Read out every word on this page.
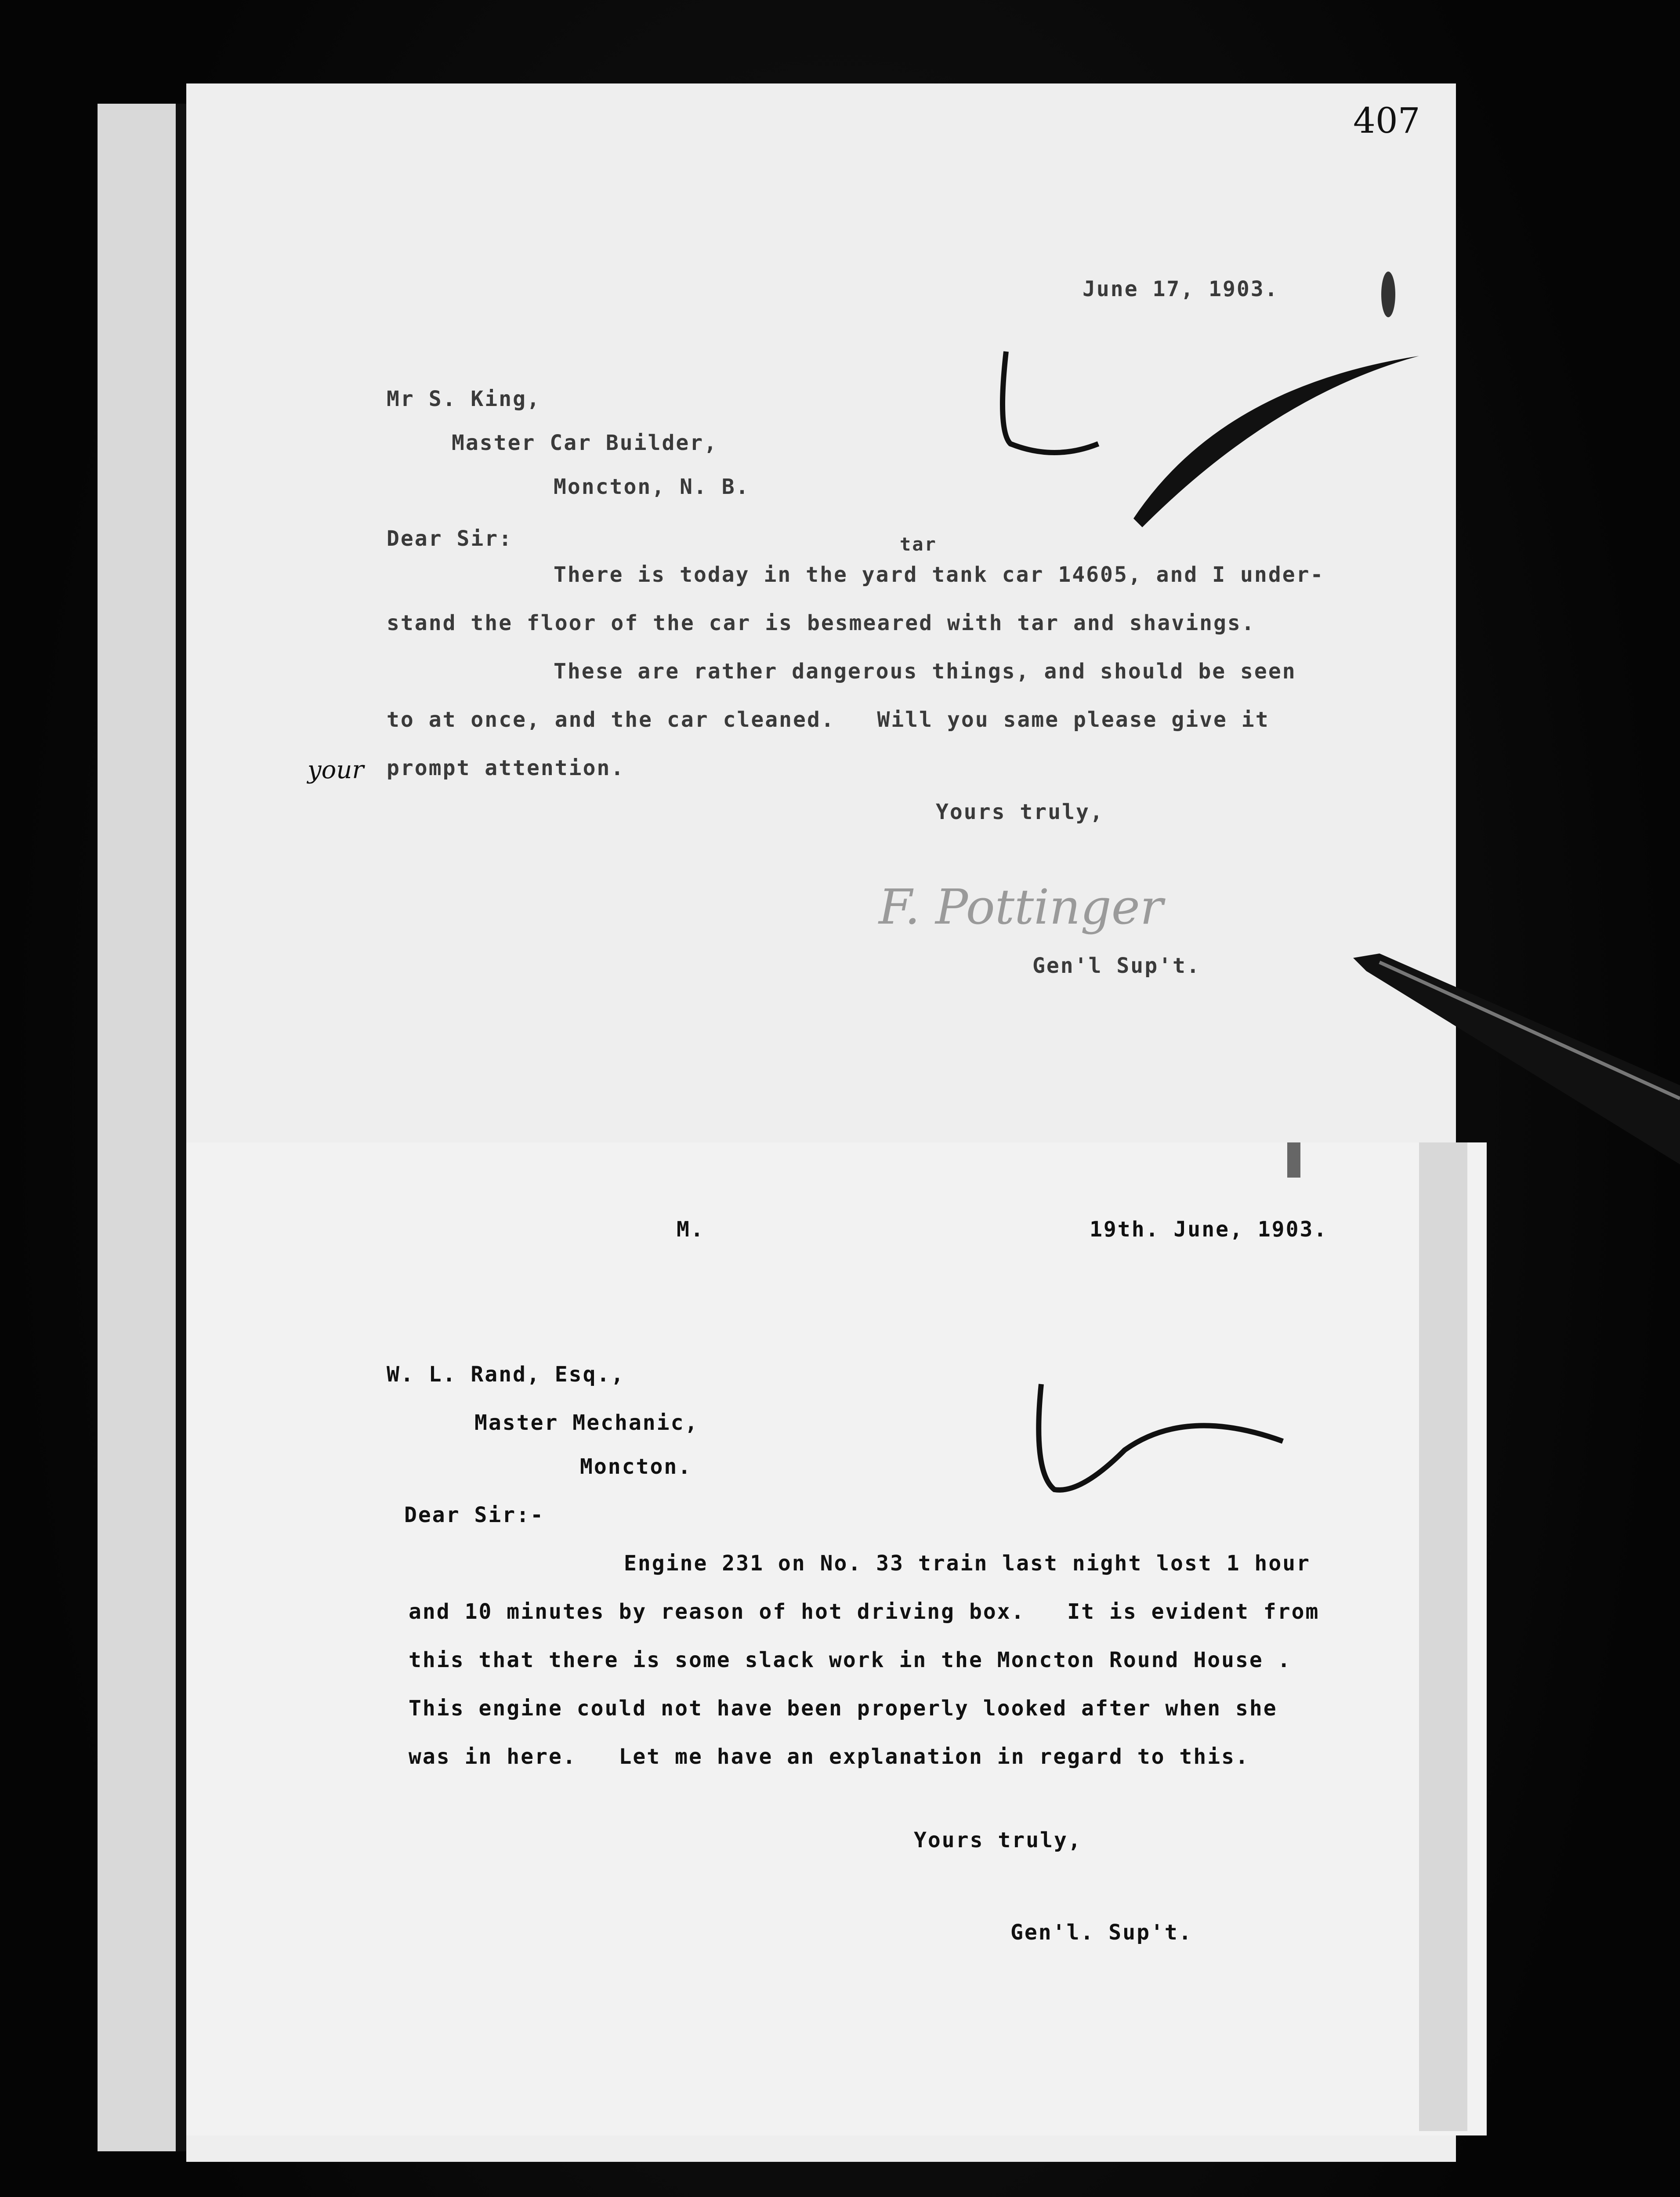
407
June 17, 1903.
Mr S. King,
Master Car Builder,
Moncton, N. B.
Dear Sir:	tar
There is today in the yard tank car 14605, and I under-
stand the floor of the car is besmeared with tar and shavings.
These are rather dangerous things, and should be seen
to at once, and the car cleaned.   Will you same please give it
prompt attention.
your
Yours truly,
F. Pottinger
Gen'l Sup't.
M.	19th. June, 1903.
W. L. Rand, Esq.,
Master Mechanic,
Moncton.
Dear Sir:-
Engine 231 on No. 33 train last night lost 1 hour
and 10 minutes by reason of hot driving box.   It is evident from
this that there is some slack work in the Moncton Round House .
This engine could not have been properly looked after when she
was in here.   Let me have an explanation in regard to this.
Yours truly,
Gen'l. Sup't.
